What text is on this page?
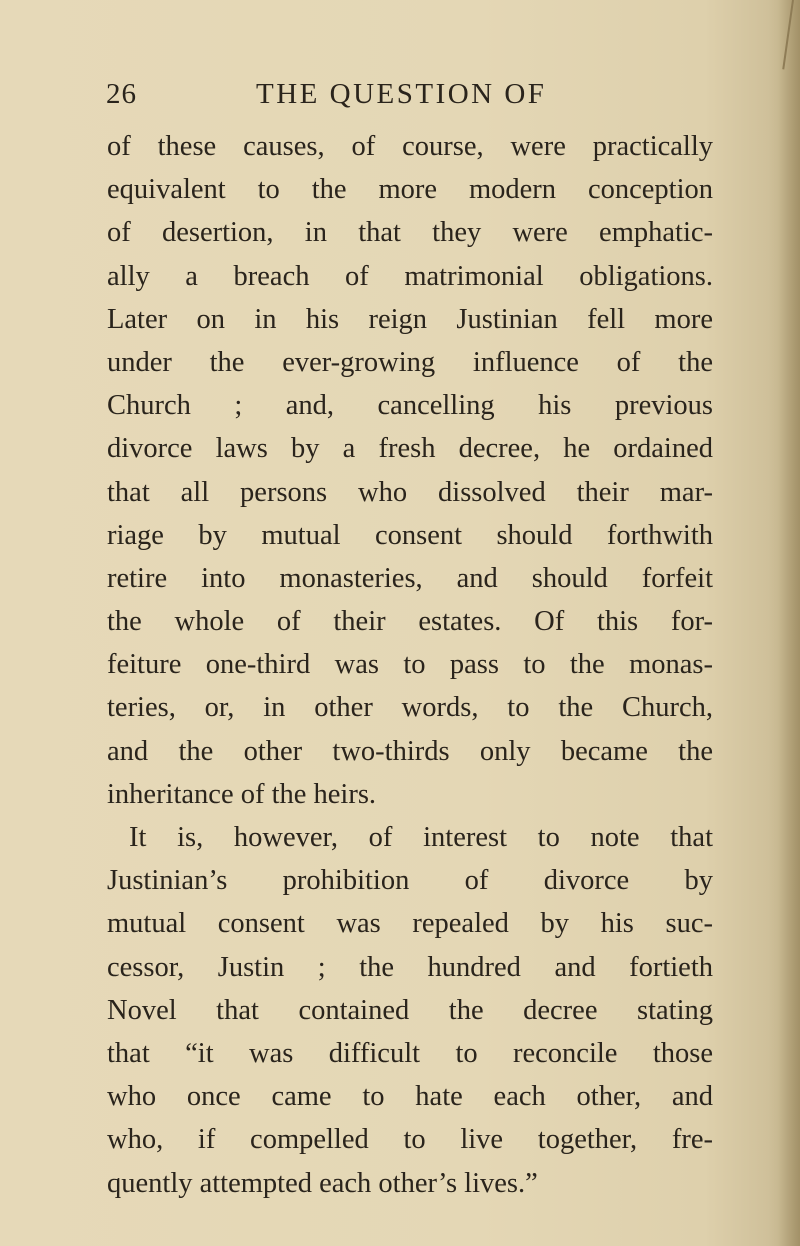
26	THE QUESTION OF
of these causes, of course, were practically
equivalent to the more modern conception
of desertion, in that they were emphatic-
ally a breach of matrimonial obligations.
Later on in his reign Justinian fell more
under the ever-growing influence of the
Church ; and, cancelling his previous
divorce laws by a fresh decree, he ordained
that all persons who dissolved their mar-
riage by mutual consent should forthwith
retire into monasteries, and should forfeit
the whole of their estates. Of this for-
feiture one-third was to pass to the monas-
teries, or, in other words, to the Church,
and the other two-thirds only became the
inheritance of the heirs.
It is, however, of interest to note that
Justinian’s prohibition of divorce by
mutual consent was repealed by his suc-
cessor, Justin ; the hundred and fortieth
Novel that contained the decree stating
that “it was difficult to reconcile those
who once came to hate each other, and
who, if compelled to live together, fre-
quently attempted each other’s lives.”
